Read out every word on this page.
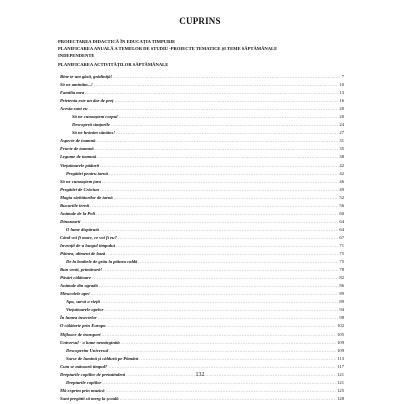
CUPRINS
PROIECTAREA DIDACTICĂ ÎN EDUCAȚIA TIMPURIE
PLANIFICAREA ANUALĂ A TEMELOR DE STUDIU -PROIECTE TEMATICE ȘI TEME SĂPTĂMÂNALE
INDEPENDENTE
PLANIFICAREA ACTIVITĂȚILOR SĂPTĂMÂNALE
Bine te-am găsit, grădiniță! .....	7
Să ne amintim...! .....	10
Familia mea .....	13
Prietenia este un dar de preț .....	16
Acesta sunt eu .....	20
Să ne cunoaștem corpul .....	20
Descoperă simțurile .....	24
Să ne hrănim sănătos! .....	27
Aspecte de toamnă .....	31
Fructe de toamnă .....	35
Legume de toamnă .....	38
Viețuitoarele pădurii .....	42
Pregătiri pentru iarnă .....	42
Să ne cunoaștem țara .....	46
Pregătiri de Crăciun .....	49
Magia sărbătorilor de iarnă .....	52
Bucuriile iernii .....	56
Animale de la Poli .....	60
Dinozaurii .....	64
O lume dispărută .....	64
Când voi fi mare, ce voi fi eu? .....	67
Invenții de-a lungul timpului .....	71
Pâinea, aliment de bază .....	75
De la boabele de grâu la pâinea caldă .....	75
Bun venit, primăvară! .....	78
Păsări călătoare .....	82
Animale din ogradă .....	86
Miracolele apei .....	89
Apa, sursă a vieții .....	89
Viețuitoarele apelor .....	94
În lumea insectelor .....	98
O călătorie prin Europa .....	102
Mijloace de transport .....	105
Universul - o lume nemărginită .....	109
Descoperim Universul .....	109
Surse de lumină și căldură pe Pământ .....	113
Cum se măsoară timpul? .....	117
Drepturile copiilor de pretutindeni .....	121
Drepturile copiilor .....	121
Mă exprim prin muzică .....	125
Sunt pregătit să merg la școală .....	128
132
